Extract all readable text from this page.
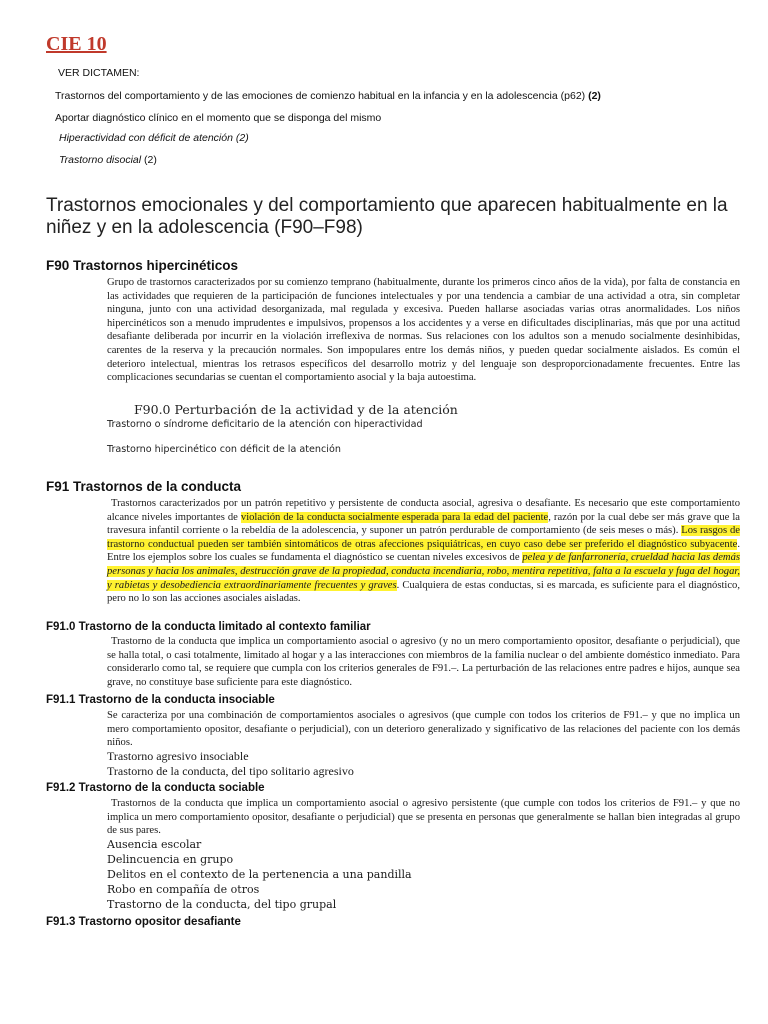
CIE 10
VER DICTAMEN:
Trastornos del comportamiento y de las emociones de comienzo habitual en la infancia y en la adolescencia (p62) (2)
Aportar diagnóstico clínico en el momento que se disponga del mismo
Hiperactividad con déficit de atención (2)
Trastorno disocial (2)
Trastornos emocionales y del comportamiento que aparecen habitualmente en la niñez y en la adolescencia (F90–F98)
F90 Trastornos hipercinéticos

Grupo de trastornos caracterizados por su comienzo temprano (habitualmente, durante los primeros cinco años de la vida), por falta de constancia en las actividades que requieren de la participación de funciones intelectuales y por una tendencia a cambiar de una actividad a otra, sin completar ninguna, junto con una actividad desorganizada, mal regulada y excesiva. Pueden hallarse asociadas varias otras anormalidades. Los niños hipercinéticos son a menudo imprudentes e impulsivos, propensos a los accidentes y a verse en dificultades disciplinarias, más que por una actitud desafiante deliberada por incurrir en la violación irreflexiva de normas. Sus relaciones con los adultos son a menudo socialmente desinhibidas, carentes de la reserva y la precaución normales. Son impopulares entre los demás niños, y pueden quedar socialmente aislados. Es común el deterioro intelectual, mientras los retrasos específicos del desarrollo motriz y del lenguaje son desproporcionadamente frecuentes. Entre las complicaciones secundarias se cuentan el comportamiento asocial y la baja autoestima.

F90.0 Perturbación de la actividad y de la atención
Trastorno o síndrome deficitario de la atención con hiperactividad
Trastorno hipercinético con déficit de la atención
F91 Trastornos de la conducta

Trastornos caracterizados por un patrón repetitivo y persistente de conducta asocial, agresiva o desafiante. Es necesario que este comportamiento alcance niveles importantes de violación de la conducta socialmente esperada para la edad del paciente, razón por la cual debe ser más grave que la travesura infantil corriente o la rebeldía de la adolescencia, y suponer un patrón perdurable de comportamiento (de seis meses o más). Los rasgos de trastorno conductual pueden ser también sintomáticos de otras afecciones psiquiátricas, en cuyo caso debe ser preferido el diagnóstico subyacente. Entre los ejemplos sobre los cuales se fundamenta el diagnóstico se cuentan niveles excesivos de pelea y de fanfarronería, crueldad hacia las demás personas y hacia los animales, destrucción grave de la propiedad, conducta incendiaria, robo, mentira repetitiva, falta a la escuela y fuga del hogar, y rabietas y desobediencia extraordinariamente frecuentes y graves. Cualquiera de estas conductas, si es marcada, es suficiente para el diagnóstico, pero no lo son las acciones asociales aisladas.

F91.0 Trastorno de la conducta limitado al contexto familiar

Trastorno de la conducta que implica un comportamiento asocial o agresivo (y no un mero comportamiento opositor, desafiante o perjudicial), que se halla total, o casi totalmente, limitado al hogar y a las interacciones con miembros de la familia nuclear o del ambiente doméstico inmediato. Para considerarlo como tal, se requiere que cumpla con los criterios generales de F91.–. La perturbación de las relaciones entre padres e hijos, aunque sea grave, no constituye base suficiente para este diagnóstico.

F91.1 Trastorno de la conducta insociable

Se caracteriza por una combinación de comportamientos asociales o agresivos (que cumple con todos los criterios de F91.– y que no implica un mero comportamiento opositor, desafiante o perjudicial), con un deterioro generalizado y significativo de las relaciones del paciente con los demás niños.

Trastorno agresivo insociable
Trastorno de la conducta, del tipo solitario agresivo
F91.2 Trastorno de la conducta sociable

Trastornos de la conducta que implica un comportamiento asocial o agresivo persistente (que cumple con todos los criterios de F91.– y que no implica un mero comportamiento opositor, desafiante o perjudicial) que se presenta en personas que generalmente se hallan bien integradas al grupo de sus pares.

Ausencia escolar
Delincuencia en grupo
Delitos en el contexto de la pertenencia a una pandilla
Robo en compañía de otros
Trastorno de la conducta, del tipo grupal
F91.3 Trastorno opositor desafiante
